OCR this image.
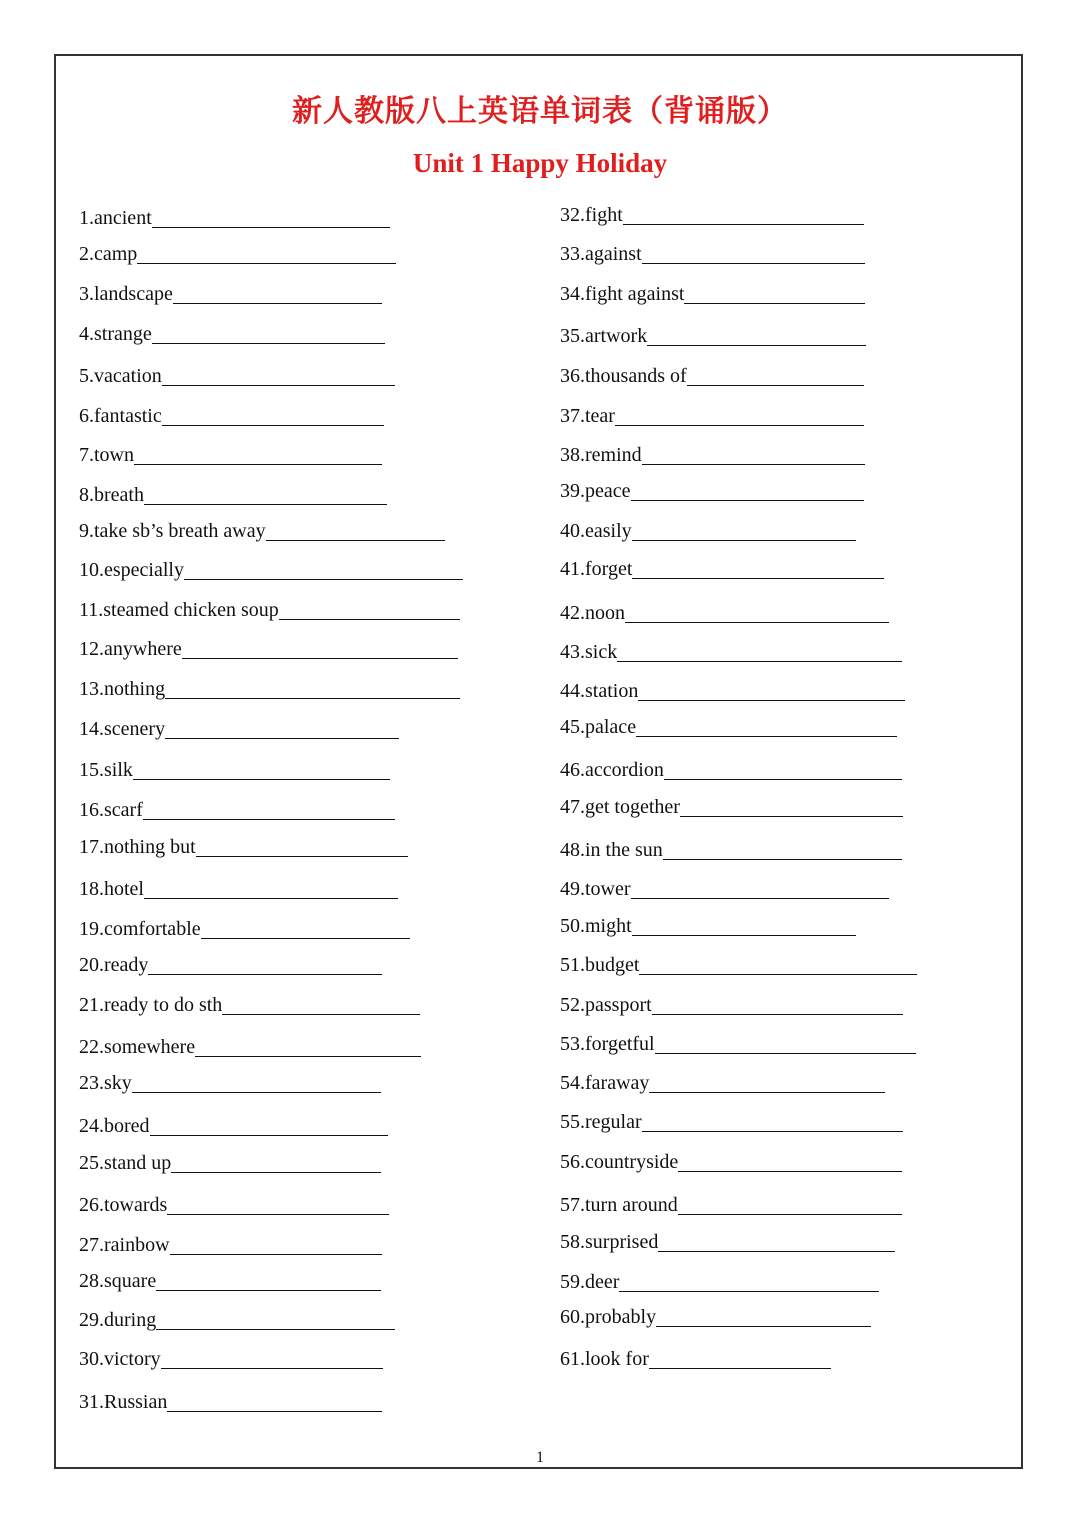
新人教版八上英语单词表（背诵版）
Unit 1 Happy Holiday
1.ancient
2.camp
3.landscape
4.strange
5.vacation
6.fantastic
7.town
8.breath
9.take sb’s breath away
10.especially
11.steamed chicken soup
12.anywhere
13.nothing
14.scenery
15.silk
16.scarf
17.nothing but
18.hotel
19.comfortable
20.ready
21.ready to do sth
22.somewhere
23.sky
24.bored
25.stand up
26.towards
27.rainbow
28.square
29.during
30.victory
31.Russian
32.fight
33.against
34.fight against
35.artwork
36.thousands of
37.tear
38.remind
39.peace
40.easily
41.forget
42.noon
43.sick
44.station
45.palace
46.accordion
47.get together
48.in the sun
49.tower
50.might
51.budget
52.passport
53.forgetful
54.faraway
55.regular
56.countryside
57.turn around
58.surprised
59.deer
60.probably
61.look for
1
